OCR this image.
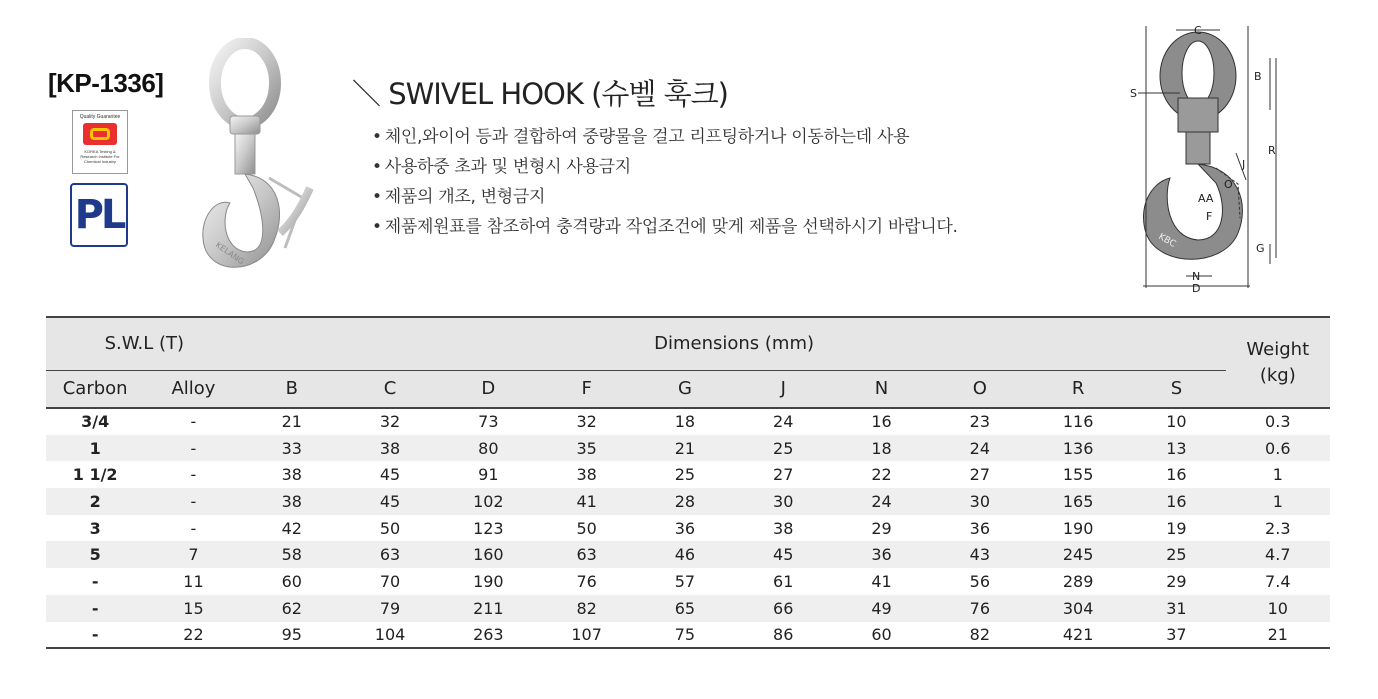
[KP-1336]
Quality Guarantee
KOREA Testing & Research Institute For Chemical Industry
PL
KELANG
＼ SWIVEL HOOK (슈벨 훅크)
• 체인,와이어 등과 결합하여 중량물을 걸고 리프팅하거나 이동하는데 사용
• 사용하중 초과 및 변형시 사용금지
• 제품의 개조, 변형금지
• 제품제원표를 참조하여 충격량과 작업조건에 맞게 제품을 선택하시기 바랍니다.
C
S
B
R
J
O
AA
F
G
N
D
KBC
S.W.L (T)		Dimensions (mm)										Weight
(kg)
Carbon	Alloy	B	C	D	F	G	J	N	O	R	S	
3/4	-	21	32	73	32	18	24	16	23	116	10	0.3
1	-	33	38	80	35	21	25	18	24	136	13	0.6
1 1/2	-	38	45	91	38	25	27	22	27	155	16	1
2	-	38	45	102	41	28	30	24	30	165	16	1
3	-	42	50	123	50	36	38	29	36	190	19	2.3
5	7	58	63	160	63	46	45	36	43	245	25	4.7
-	11	60	70	190	76	57	61	41	56	289	29	7.4
-	15	62	79	211	82	65	66	49	76	304	31	10
-	22	95	104	263	107	75	86	60	82	421	37	21
